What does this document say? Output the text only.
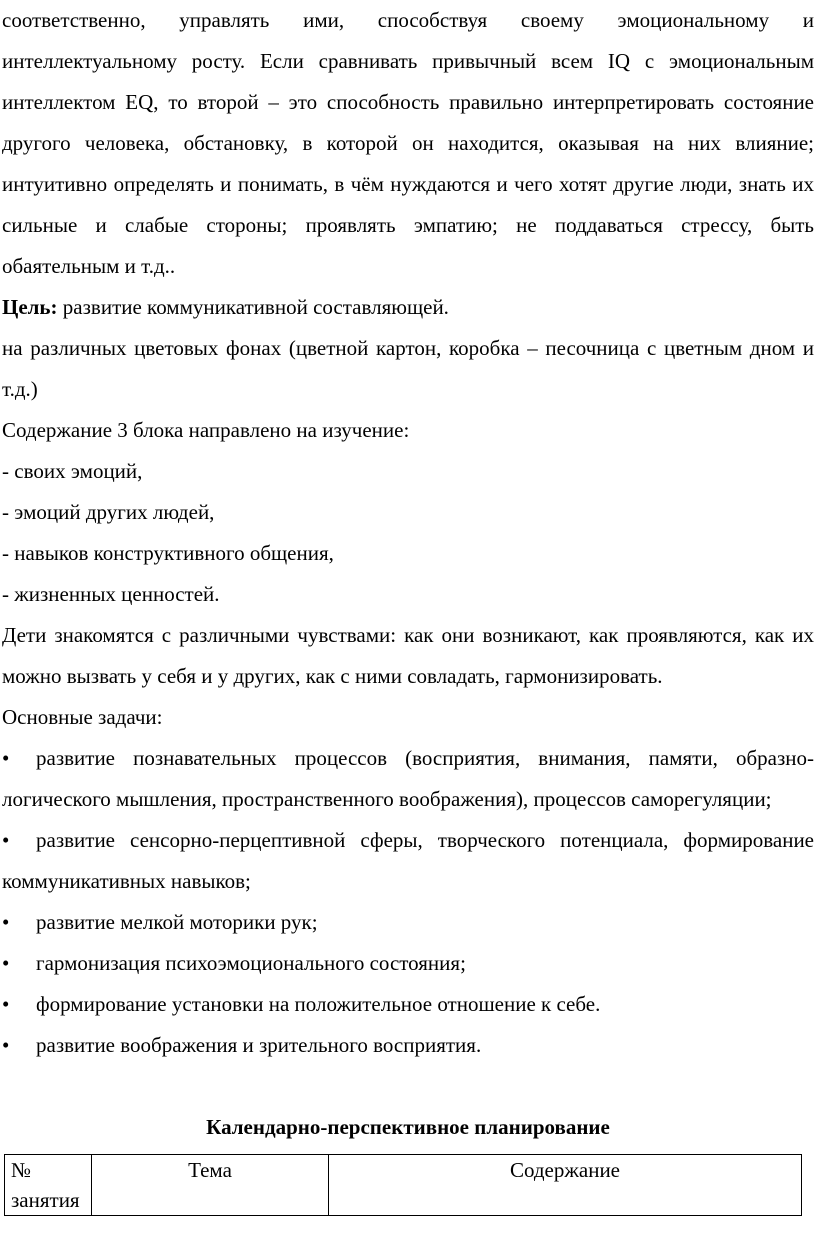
соответственно, управлять ими, способствуя своему эмоциональному и интеллектуальному росту. Если сравнивать привычный всем IQ с эмоциональным интеллектом EQ, то второй – это способность правильно интерпретировать состояние другого человека, обстановку, в которой он находится, оказывая на них влияние; интуитивно определять и понимать, в чём нуждаются и чего хотят другие люди, знать их сильные и слабые стороны; проявлять эмпатию; не поддаваться стрессу, быть обаятельным и т.д..

Цель: развитие коммуникативной составляющей.

на различных цветовых фонах (цветной картон, коробка – песочница с цветным дном и т.д.)

Содержание 3 блока направлено на изучение:

- своих эмоций,

- эмоций других людей,

- навыков конструктивного общения,

- жизненных ценностей.

Дети знакомятся с различными чувствами: как они возникают, как проявляются, как их можно вызвать у себя и у других, как с ними совладать, гармонизировать.

Основные задачи:

•	развитие познавательных процессов (восприятия, внимания, памяти, образно-логического мышления, пространственного воображения), процессов саморегуляции;
•	развитие сенсорно-перцептивной сферы, творческого потенциала, формирование коммуникативных навыков;
•	развитие мелкой моторики рук;
•	гармонизация психоэмоционального состояния;
•	формирование установки на положительное отношение к себе.
•	развитие воображения и зрительного восприятия.
Календарно-перспективное планирование
№ занятия	Тема	Содержание
